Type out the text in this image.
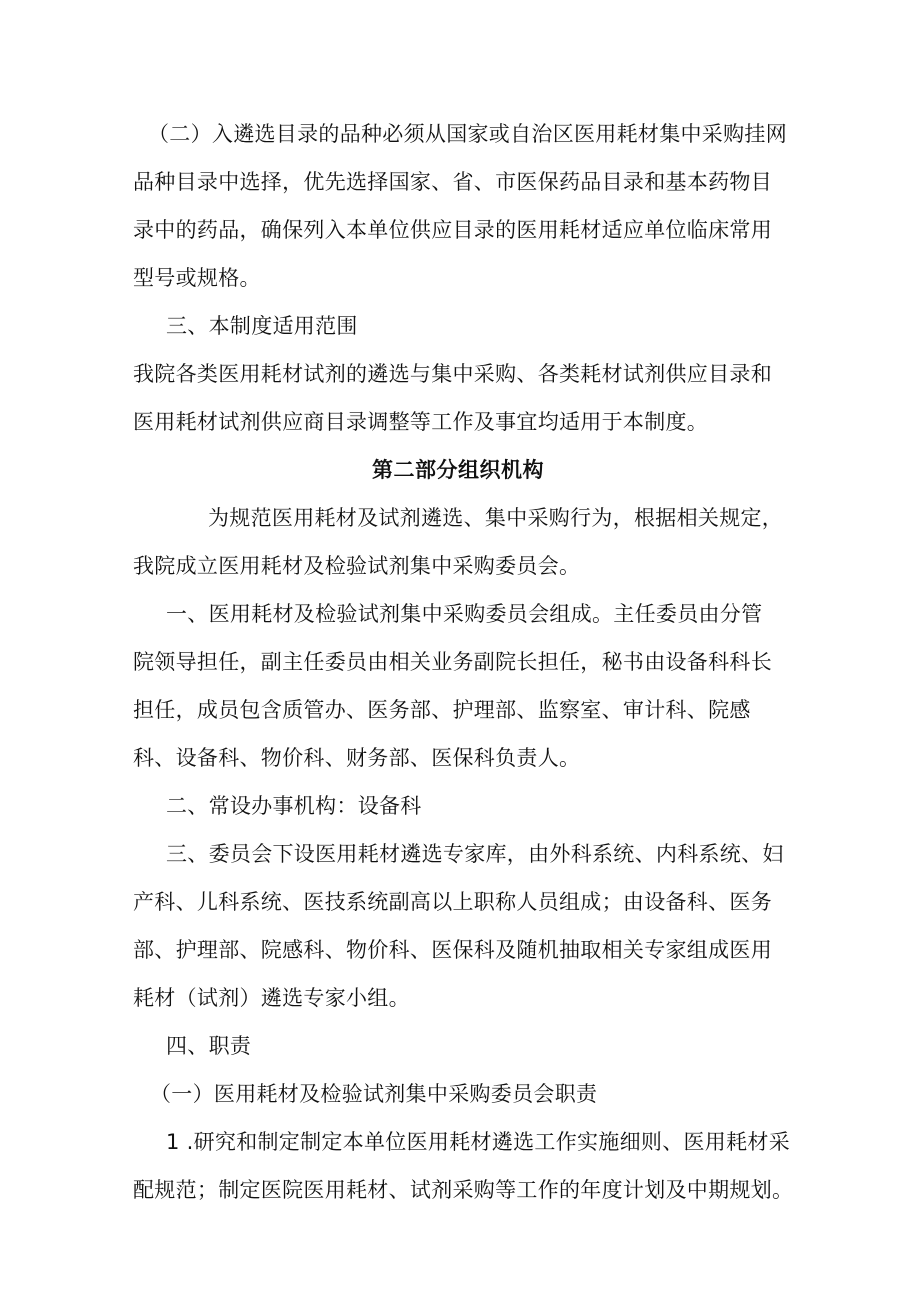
（二）入遴选目录的品种必须从国家或自治区医用耗材集中采购挂网

品种目录中选择，优先选择国家、省、市医保药品目录和基本药物目

录中的药品，确保列入本单位供应目录的医用耗材适应单位临床常用

型号或规格。

三、本制度适用范围

我院各类医用耗材试剂的遴选与集中采购、各类耗材试剂供应目录和

医用耗材试剂供应商目录调整等工作及事宜均适用于本制度。

第二部分组织机构

为规范医用耗材及试剂遴选、集中采购行为，根据相关规定，

我院成立医用耗材及检验试剂集中采购委员会。

一、医用耗材及检验试剂集中采购委员会组成。主任委员由分管

院领导担任，副主任委员由相关业务副院长担任，秘书由设备科科长

担任，成员包含质管办、医务部、护理部、监察室、审计科、院感

科、设备科、物价科、财务部、医保科负责人。

二、常设办事机构：设备科

三、委员会下设医用耗材遴选专家库，由外科系统、内科系统、妇

产科、儿科系统、医技系统副高以上职称人员组成；由设备科、医务

部、护理部、院感科、物价科、医保科及随机抽取相关专家组成医用

耗材（试剂）遴选专家小组。

四、职责

（一）医用耗材及检验试剂集中采购委员会职责

1 .研究和制定制定本单位医用耗材遴选工作实施细则、医用耗材采

配规范；制定医院医用耗材、试剂采购等工作的年度计划及中期规划。
